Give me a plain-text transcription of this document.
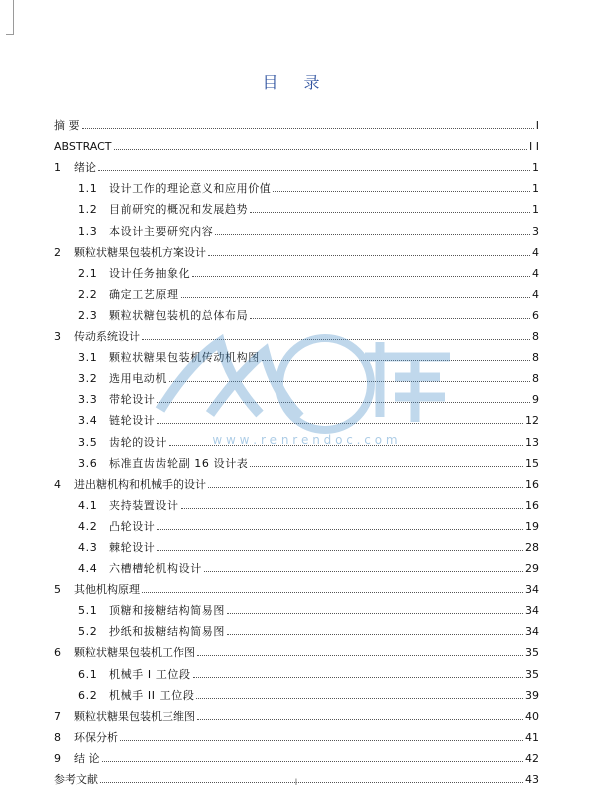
目 录
摘 要	I
ABSTRACT	I I
1	绪论	1
1.1	设计工作的理论意义和应用价值	1
1.2	目前研究的概况和发展趋势	1
1.3	本设计主要研究内容	3
2	颗粒状糖果包装机方案设计	4
2.1	设计任务抽象化	4
2.2	确定工艺原理	4
2.3	颗粒状糖包装机的总体布局	6
3	传动系统设计	8
3.1	颗粒状糖果包装机传动机构图	8
3.2	选用电动机	8
3.3	带轮设计	9
3.4	链轮设计	12
3.5	齿轮的设计	13
3.6	标准直齿齿轮副 16 设计表	15
4	进出糖机构和机械手的设计	16
4.1	夹持装置设计	16
4.2	凸轮设计	19
4.3	棘轮设计	28
4.4	六槽槽轮机构设计	29
5	其他机构原理	34
5.1	顶糖和接糖结构简易图	34
5.2	抄纸和拔糖结构简易图	34
6	颗粒状糖果包装机工作图	35
6.1	机械手 I 工位段	35
6.2	机械手 II 工位段	39
7	颗粒状糖果包装机三维图	40
8	环保分析	41
9	结 论	42
参考文献	43
w w w . r e n r e n d o c . c o m
I
